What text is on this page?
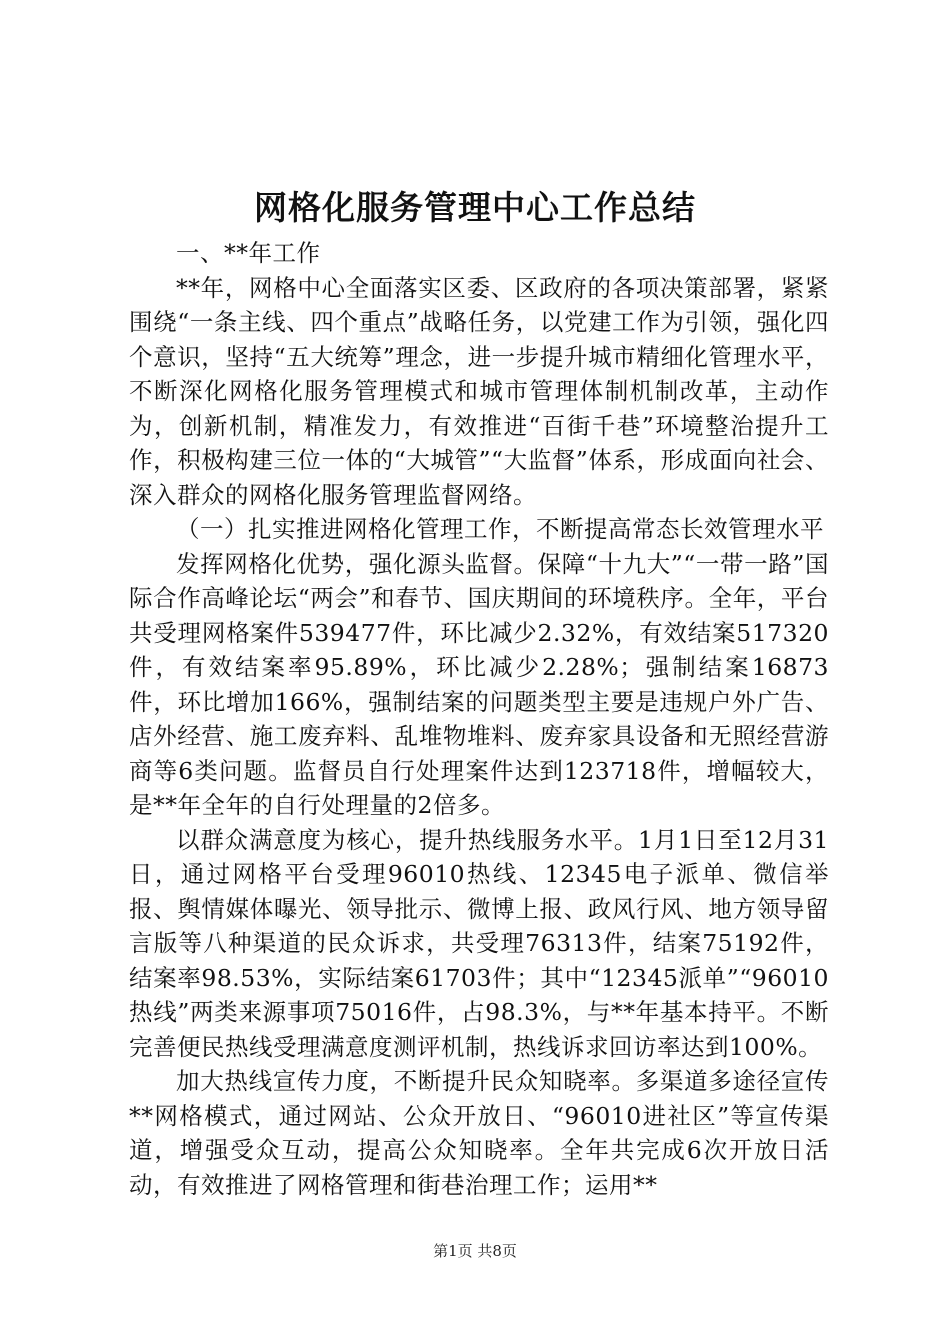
网格化服务管理中心工作总结

一、**年工作

**年，网格中心全面落实区委、区政府的各项决策部署，紧紧围绕“一条主线、四个重点”战略任务，以党建工作为引领，强化四个意识，坚持“五大统筹”理念，进一步提升城市精细化管理水平，不断深化网格化服务管理模式和城市管理体制机制改革，主动作为，创新机制，精准发力，有效推进“百街千巷”环境整治提升工作，积极构建三位一体的“大城管”“大监督”体系，形成面向社会、深入群众的网格化服务管理监督网络。

（一）扎实推进网格化管理工作，不断提高常态长效管理水平

发挥网格化优势，强化源头监督。保障“十九大”“一带一路”国际合作高峰论坛“两会”和春节、国庆期间的环境秩序。全年，平台共受理网格案件539477件，环比减少2.32%，有效结案517320件，有效结案率95.89%，环比减少2.28%；强制结案16873件，环比增加166%，强制结案的问题类型主要是违规户外广告、店外经营、施工废弃料、乱堆物堆料、废弃家具设备和无照经营游商等6类问题。监督员自行处理案件达到123718件，增幅较大，是**年全年的自行处理量的2倍多。

以群众满意度为核心，提升热线服务水平。1月1日至12月31日，通过网格平台受理96010热线、12345电子派单、微信举报、舆情媒体曝光、领导批示、微博上报、政风行风、地方领导留言版等八种渠道的民众诉求，共受理76313件，结案75192件，结案率98.53%，实际结案61703件；其中“12345派单”“96010热线”两类来源事项75016件，占98.3%，与**年基本持平。不断完善便民热线受理满意度测评机制，热线诉求回访率达到100%。

加大热线宣传力度，不断提升民众知晓率。多渠道多途径宣传**网格模式，通过网站、公众开放日、“96010进社区”等宣传渠道，增强受众互动，提高公众知晓率。全年共完成6次开放日活动，有效推进了网格管理和街巷治理工作；运用**

第1页 共8页
